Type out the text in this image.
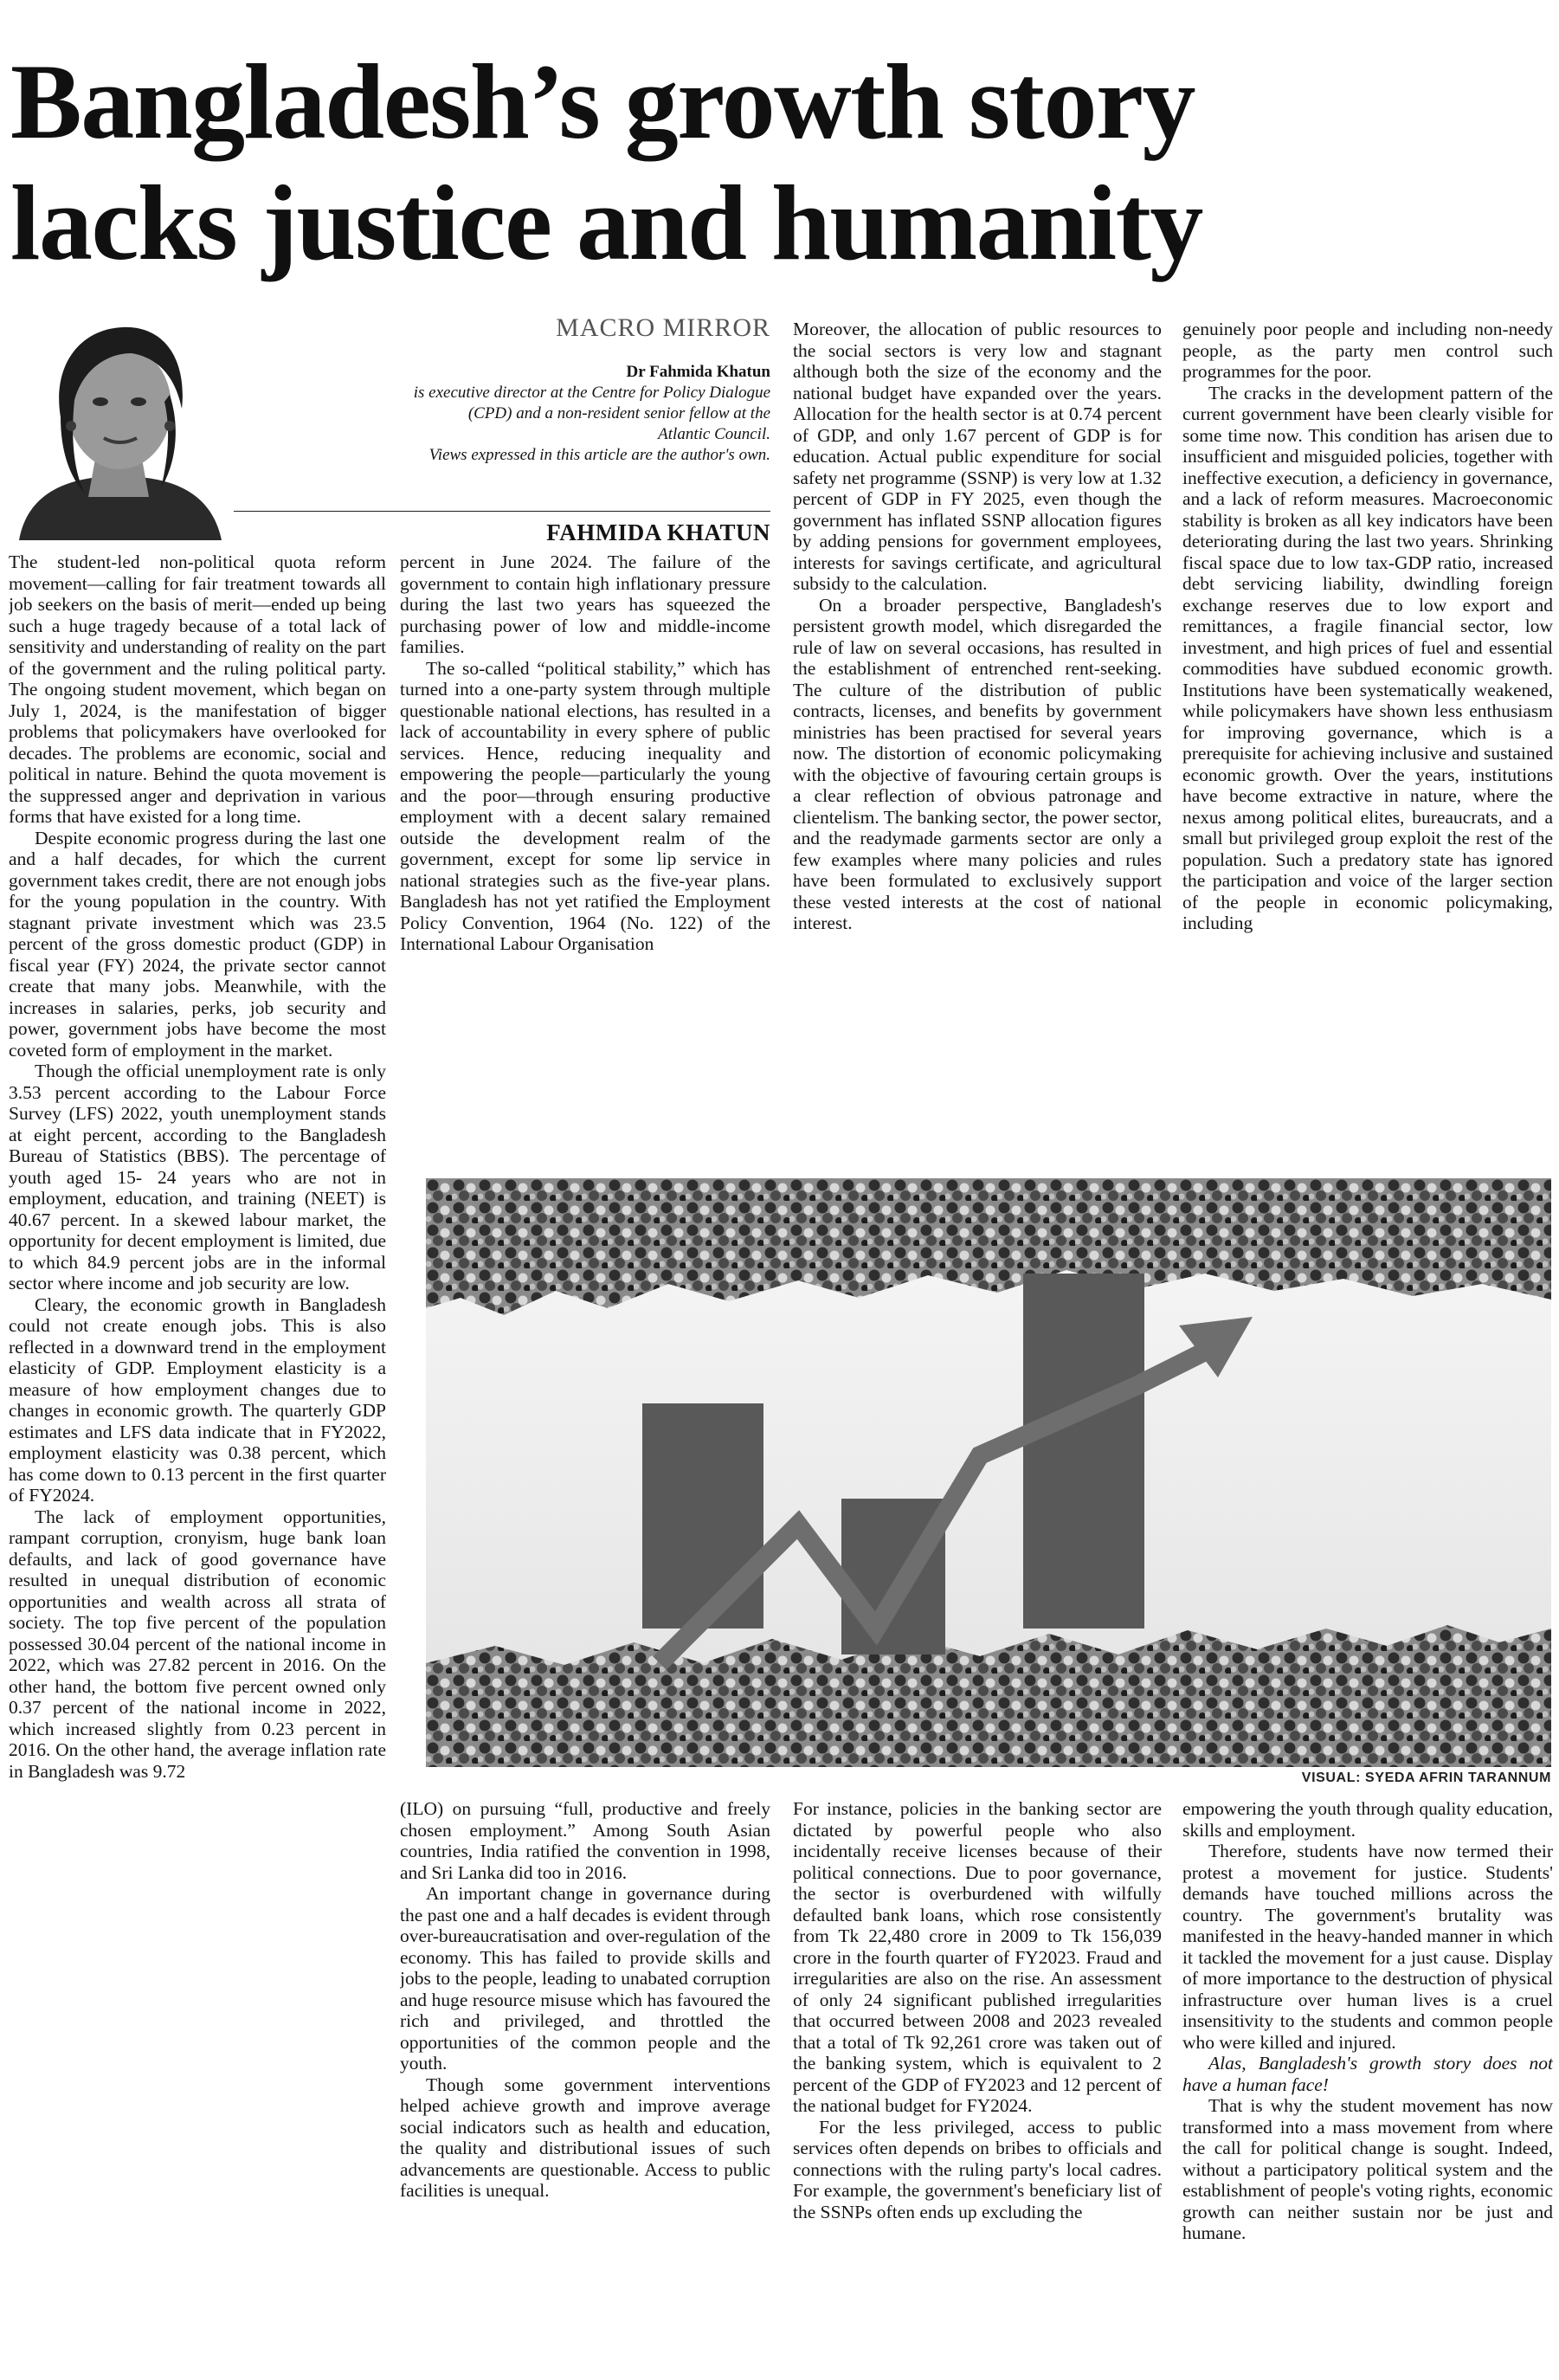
Bangladesh’s growth story
lacks justice and humanity
MACRO MIRROR
Dr Fahmida Khatun
is executive director at the Centre for Policy Dialogue
(CPD) and a non-resident senior fellow at the
Atlantic Council.
Views expressed in this article are the author's own.
FAHMIDA KHATUN

The student-led non-political quota reform movement—calling for fair treatment towards all job seekers on the basis of merit—ended up being such a huge tragedy because of a total lack of sensitivity and understanding of reality on the part of the government and the ruling political party. The ongoing student movement, which began on July 1, 2024, is the manifestation of bigger problems that policymakers have overlooked for decades. The problems are economic, social and political in nature. Behind the quota movement is the suppressed anger and deprivation in various forms that have existed for a long time.

Despite economic progress during the last one and a half decades, for which the current government takes credit, there are not enough jobs for the young population in the country. With stagnant private investment which was 23.5 percent of the gross domestic product (GDP) in fiscal year (FY) 2024, the private sector cannot create that many jobs. Meanwhile, with the increases in salaries, perks, job security and power, government jobs have become the most coveted form of employment in the market.

Though the official unemployment rate is only 3.53 percent according to the Labour Force Survey (LFS) 2022, youth unemployment stands at eight percent, according to the Bangladesh Bureau of Statistics (BBS). The percentage of youth aged 15- 24 years who are not in employment, education, and training (NEET) is 40.67 percent. In a skewed labour market, the opportunity for decent employment is limited, due to which 84.9 percent jobs are in the informal sector where income and job security are low.

Cleary, the economic growth in Bangladesh could not create enough jobs. This is also reflected in a downward trend in the employment elasticity of GDP. Employment elasticity is a measure of how employment changes due to changes in economic growth. The quarterly GDP estimates and LFS data indicate that in FY2022, employment elasticity was 0.38 percent, which has come down to 0.13 percent in the first quarter of FY2024.

The lack of employment opportunities, rampant corruption, cronyism, huge bank loan defaults, and lack of good governance have resulted in unequal distribution of economic opportunities and wealth across all strata of society. The top five percent of the population possessed 30.04 percent of the national income in 2022, which was 27.82 percent in 2016. On the other hand, the bottom five percent owned only 0.37 percent of the national income in 2022, which increased slightly from 0.23 percent in 2016. On the other hand, the average inflation rate in Bangladesh was 9.72

percent in June 2024. The failure of the government to contain high inflationary pressure during the last two years has squeezed the purchasing power of low and middle-income families.

The so-called “political stability,” which has turned into a one-party system through multiple questionable national elections, has resulted in a lack of accountability in every sphere of public services. Hence, reducing inequality and empowering the people—particularly the young and the poor—through ensuring productive employment with a decent salary remained outside the development realm of the government, except for some lip service in national strategies such as the five-year plans. Bangladesh has not yet ratified the Employment Policy Convention, 1964 (No. 122) of the International Labour Organisation

Moreover, the allocation of public resources to the social sectors is very low and stagnant although both the size of the economy and the national budget have expanded over the years. Allocation for the health sector is at 0.74 percent of GDP, and only 1.67 percent of GDP is for education. Actual public expenditure for social safety net programme (SSNP) is very low at 1.32 percent of GDP in FY 2025, even though the government has inflated SSNP allocation figures by adding pensions for government employees, interests for savings certificate, and agricultural subsidy to the calculation.

On a broader perspective, Bangladesh's persistent growth model, which disregarded the rule of law on several occasions, has resulted in the establishment of entrenched rent-seeking. The culture of the distribution of public contracts, licenses, and benefits by government ministries has been practised for several years now. The distortion of economic policymaking with the objective of favouring certain groups is a clear reflection of obvious patronage and clientelism. The banking sector, the power sector, and the readymade garments sector are only a few examples where many policies and rules have been formulated to exclusively support these vested interests at the cost of national interest.

genuinely poor people and including non-needy people, as the party men control such programmes for the poor.

The cracks in the development pattern of the current government have been clearly visible for some time now. This condition has arisen due to insufficient and misguided policies, together with ineffective execution, a deficiency in governance, and a lack of reform measures. Macroeconomic stability is broken as all key indicators have been deteriorating during the last two years. Shrinking fiscal space due to low tax-GDP ratio, increased debt servicing liability, dwindling foreign exchange reserves due to low export and remittances, a fragile financial sector, low investment, and high prices of fuel and essential commodities have subdued economic growth. Institutions have been systematically weakened, while policymakers have shown less enthusiasm for improving governance, which is a prerequisite for achieving inclusive and sustained economic growth. Over the years, institutions have become extractive in nature, where the nexus among political elites, bureaucrats, and a small but privileged group exploit the rest of the population. Such a predatory state has ignored the participation and voice of the larger section of the people in economic policymaking, including

VISUAL: SYEDA AFRIN TARANNUM

(ILO) on pursuing “full, productive and freely chosen employment.” Among South Asian countries, India ratified the convention in 1998, and Sri Lanka did too in 2016.

An important change in governance during the past one and a half decades is evident through over-bureaucratisation and over-regulation of the economy. This has failed to provide skills and jobs to the people, leading to unabated corruption and huge resource misuse which has favoured the rich and privileged, and throttled the opportunities of the common people and the youth.

Though some government interventions helped achieve growth and improve average social indicators such as health and education, the quality and distributional issues of such advancements are questionable. Access to public facilities is unequal.

For instance, policies in the banking sector are dictated by powerful people who also incidentally receive licenses because of their political connections. Due to poor governance, the sector is overburdened with wilfully defaulted bank loans, which rose consistently from Tk 22,480 crore in 2009 to Tk 156,039 crore in the fourth quarter of FY2023. Fraud and irregularities are also on the rise. An assessment of only 24 significant published irregularities that occurred between 2008 and 2023 revealed that a total of Tk 92,261 crore was taken out of the banking system, which is equivalent to 2 percent of the GDP of FY2023 and 12 percent of the national budget for FY2024.

For the less privileged, access to public services often depends on bribes to officials and connections with the ruling party's local cadres. For example, the government's beneficiary list of the SSNPs often ends up excluding the

empowering the youth through quality education, skills and employment.

Therefore, students have now termed their protest a movement for justice. Students' demands have touched millions across the country. The government's brutality was manifested in the heavy-handed manner in which it tackled the movement for a just cause. Display of more importance to the destruction of physical infrastructure over human lives is a cruel insensitivity to the students and common people who were killed and injured.

Alas, Bangladesh's growth story does not have a human face!

That is why the student movement has now transformed into a mass movement from where the call for political change is sought. Indeed, without a participatory political system and the establishment of people's voting rights, economic growth can neither sustain nor be just and humane.
